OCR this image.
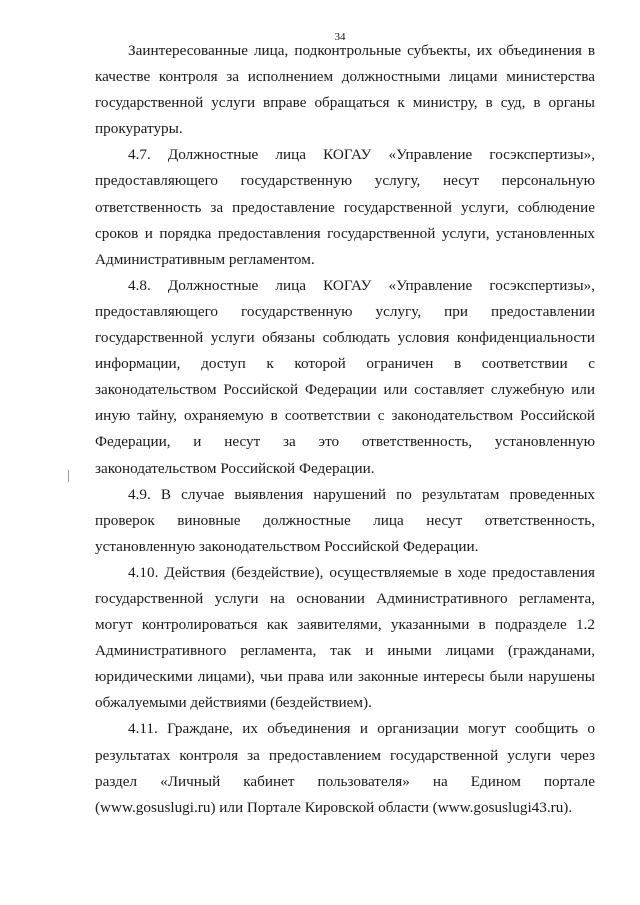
34

Заинтересованные лица, подконтрольные субъекты, их объединения в качестве контроля за исполнением должностными лицами министерства государственной услуги вправе обращаться к министру, в суд, в органы прокуратуры.

4.7. Должностные лица КОГАУ «Управление госэкспертизы», предоставляющего государственную услугу, несут персональную ответственность за предоставление государственной услуги, соблюдение сроков и порядка предоставления государственной услуги, установленных Административным регламентом.

4.8. Должностные лица КОГАУ «Управление госэкспертизы», предоставляющего государственную услугу, при предоставлении государственной услуги обязаны соблюдать условия конфиденциальности информации, доступ к которой ограничен в соответствии с законодательством Российской Федерации или составляет служебную или иную тайну, охраняемую в соответствии с законодательством Российской Федерации, и несут за это ответственность, установленную законодательством Российской Федерации.

4.9. В случае выявления нарушений по результатам проведенных проверок виновные должностные лица несут ответственность, установленную законодательством Российской Федерации.

4.10. Действия (бездействие), осуществляемые в ходе предоставления государственной услуги на основании Административного регламента, могут контролироваться как заявителями, указанными в подразделе 1.2 Административного регламента, так и иными лицами (гражданами, юридическими лицами), чьи права или законные интересы были нарушены обжалуемыми действиями (бездействием).

4.11. Граждане, их объединения и организации могут сообщить о результатах контроля за предоставлением государственной услуги через раздел «Личный кабинет пользователя» на Едином портале (www.gosuslugi.ru) или Портале Кировской области (www.gosuslugi43.ru).
